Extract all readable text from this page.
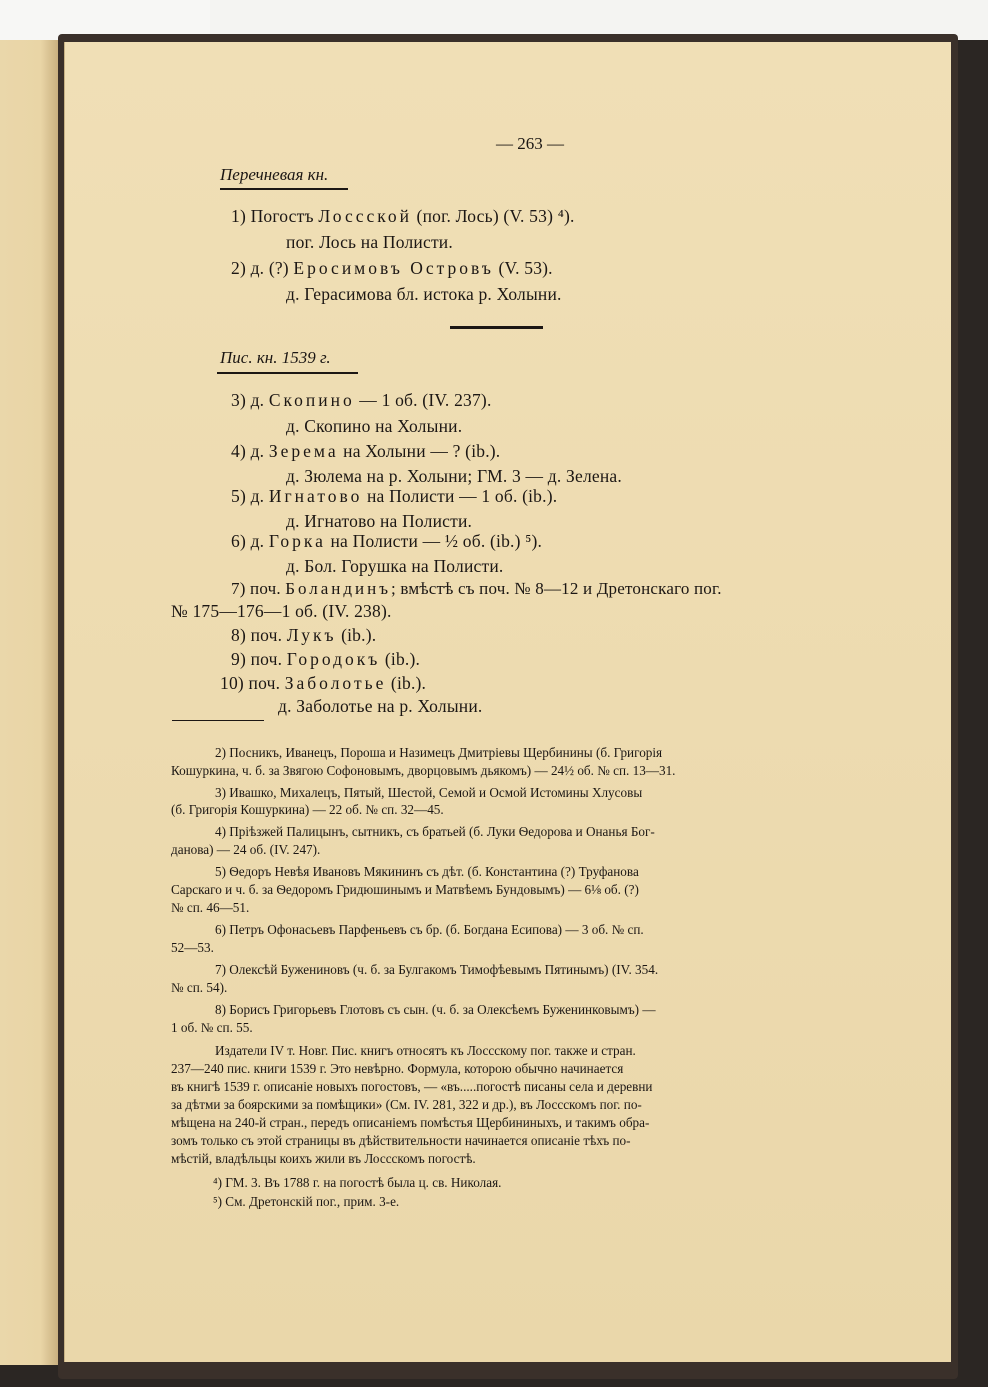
— 263 —
Перечневая кн.
1) Погостъ Лоссской (пог. Лось) (V. 53) ⁴).
пог. Лось на Полисти.
2) д. (?) Еросимовъ Островъ (V. 53).
д. Герасимова бл. истока р. Холыни.
Пис. кн. 1539 г.
3) д. Скопино — 1 об. (IV. 237).
д. Скопино на Холыни.
4) д. Зерема на Холыни — ? (ib.).
д. Зюлема на р. Холыни; ГМ. 3 — д. Зелена.
5) д. Игнатово на Полисти — 1 об. (ib.).
д. Игнатово на Полисти.
6) д. Горка на Полисти — ½ об. (ib.) ⁵).
д. Бол. Горушка на Полисти.
7) поч. Боландинъ; вмѣстѣ съ поч. № 8—12 и Дретонскаго пог.
№ 175—176—1 об. (IV. 238).
8) поч. Лукъ (ib.).
9) поч. Городокъ (ib.).
10) поч. Заболотье (ib.).
д. Заболотье на р. Холыни.
2) Посникъ, Иванецъ, Пороша и Назимецъ Дмитріевы Щербинины (б. Григорія
Кошуркина, ч. б. за Звягою Софоновымъ, дворцовымъ дьякомъ) — 24½ об. № сп. 13—31.
3) Ивашко, Михалецъ, Пятый, Шестой, Семой и Осмой Истомины Хлусовы
(б. Григорія Кошуркина) — 22 об. № сп. 32—45.
4) Пріѣзжей Палицынъ, сытникъ, съ братьей (б. Луки Ѳедорова и Онанья Бог-
данова) — 24 об. (IV. 247).
5) Ѳедоръ Невѣя Ивановъ Мякининъ съ дѣт. (б. Константина (?) Труфанова
Сарскаго и ч. б. за Ѳедоромъ Гридюшинымъ и Матвѣемъ Бундовымъ) — 6⅛ об. (?)
№ сп. 46—51.
6) Петръ Офонасьевъ Парфеньевъ съ бр. (б. Богдана Есипова) — 3 об. № сп.
52—53.
7) Олексѣй Бужениновъ (ч. б. за Булгакомъ Тимофѣевымъ Пятинымъ) (IV. 354.
№ сп. 54).
8) Борисъ Григорьевъ Глотовъ съ сын. (ч. б. за Олексѣемъ Буженинковымъ) —
1 об. № сп. 55.
Издатели IV т. Новг. Пис. книгъ относятъ къ Лоссскому пог. также и стран.
237—240 пис. книги 1539 г. Это невѣрно. Формула, которою обычно начинается
въ книгѣ 1539 г. описаніе новыхъ погостовъ, — «въ.....погостѣ писаны села и деревни
за дѣтми за боярскими за помѣщики» (См. IV. 281, 322 и др.), въ Лоссскомъ пог. по-
мѣщена на 240-й стран., передъ описаніемъ помѣстья Щербининыхъ, и такимъ обра-
зомъ только съ этой страницы въ дѣйствительности начинается описаніе тѣхъ по-
мѣстій, владѣльцы коихъ жили въ Лоссскомъ погостѣ.
⁴) ГМ. 3. Въ 1788 г. на погостѣ была ц. св. Николая.
⁵) См. Дретонскій пог., прим. 3-е.
